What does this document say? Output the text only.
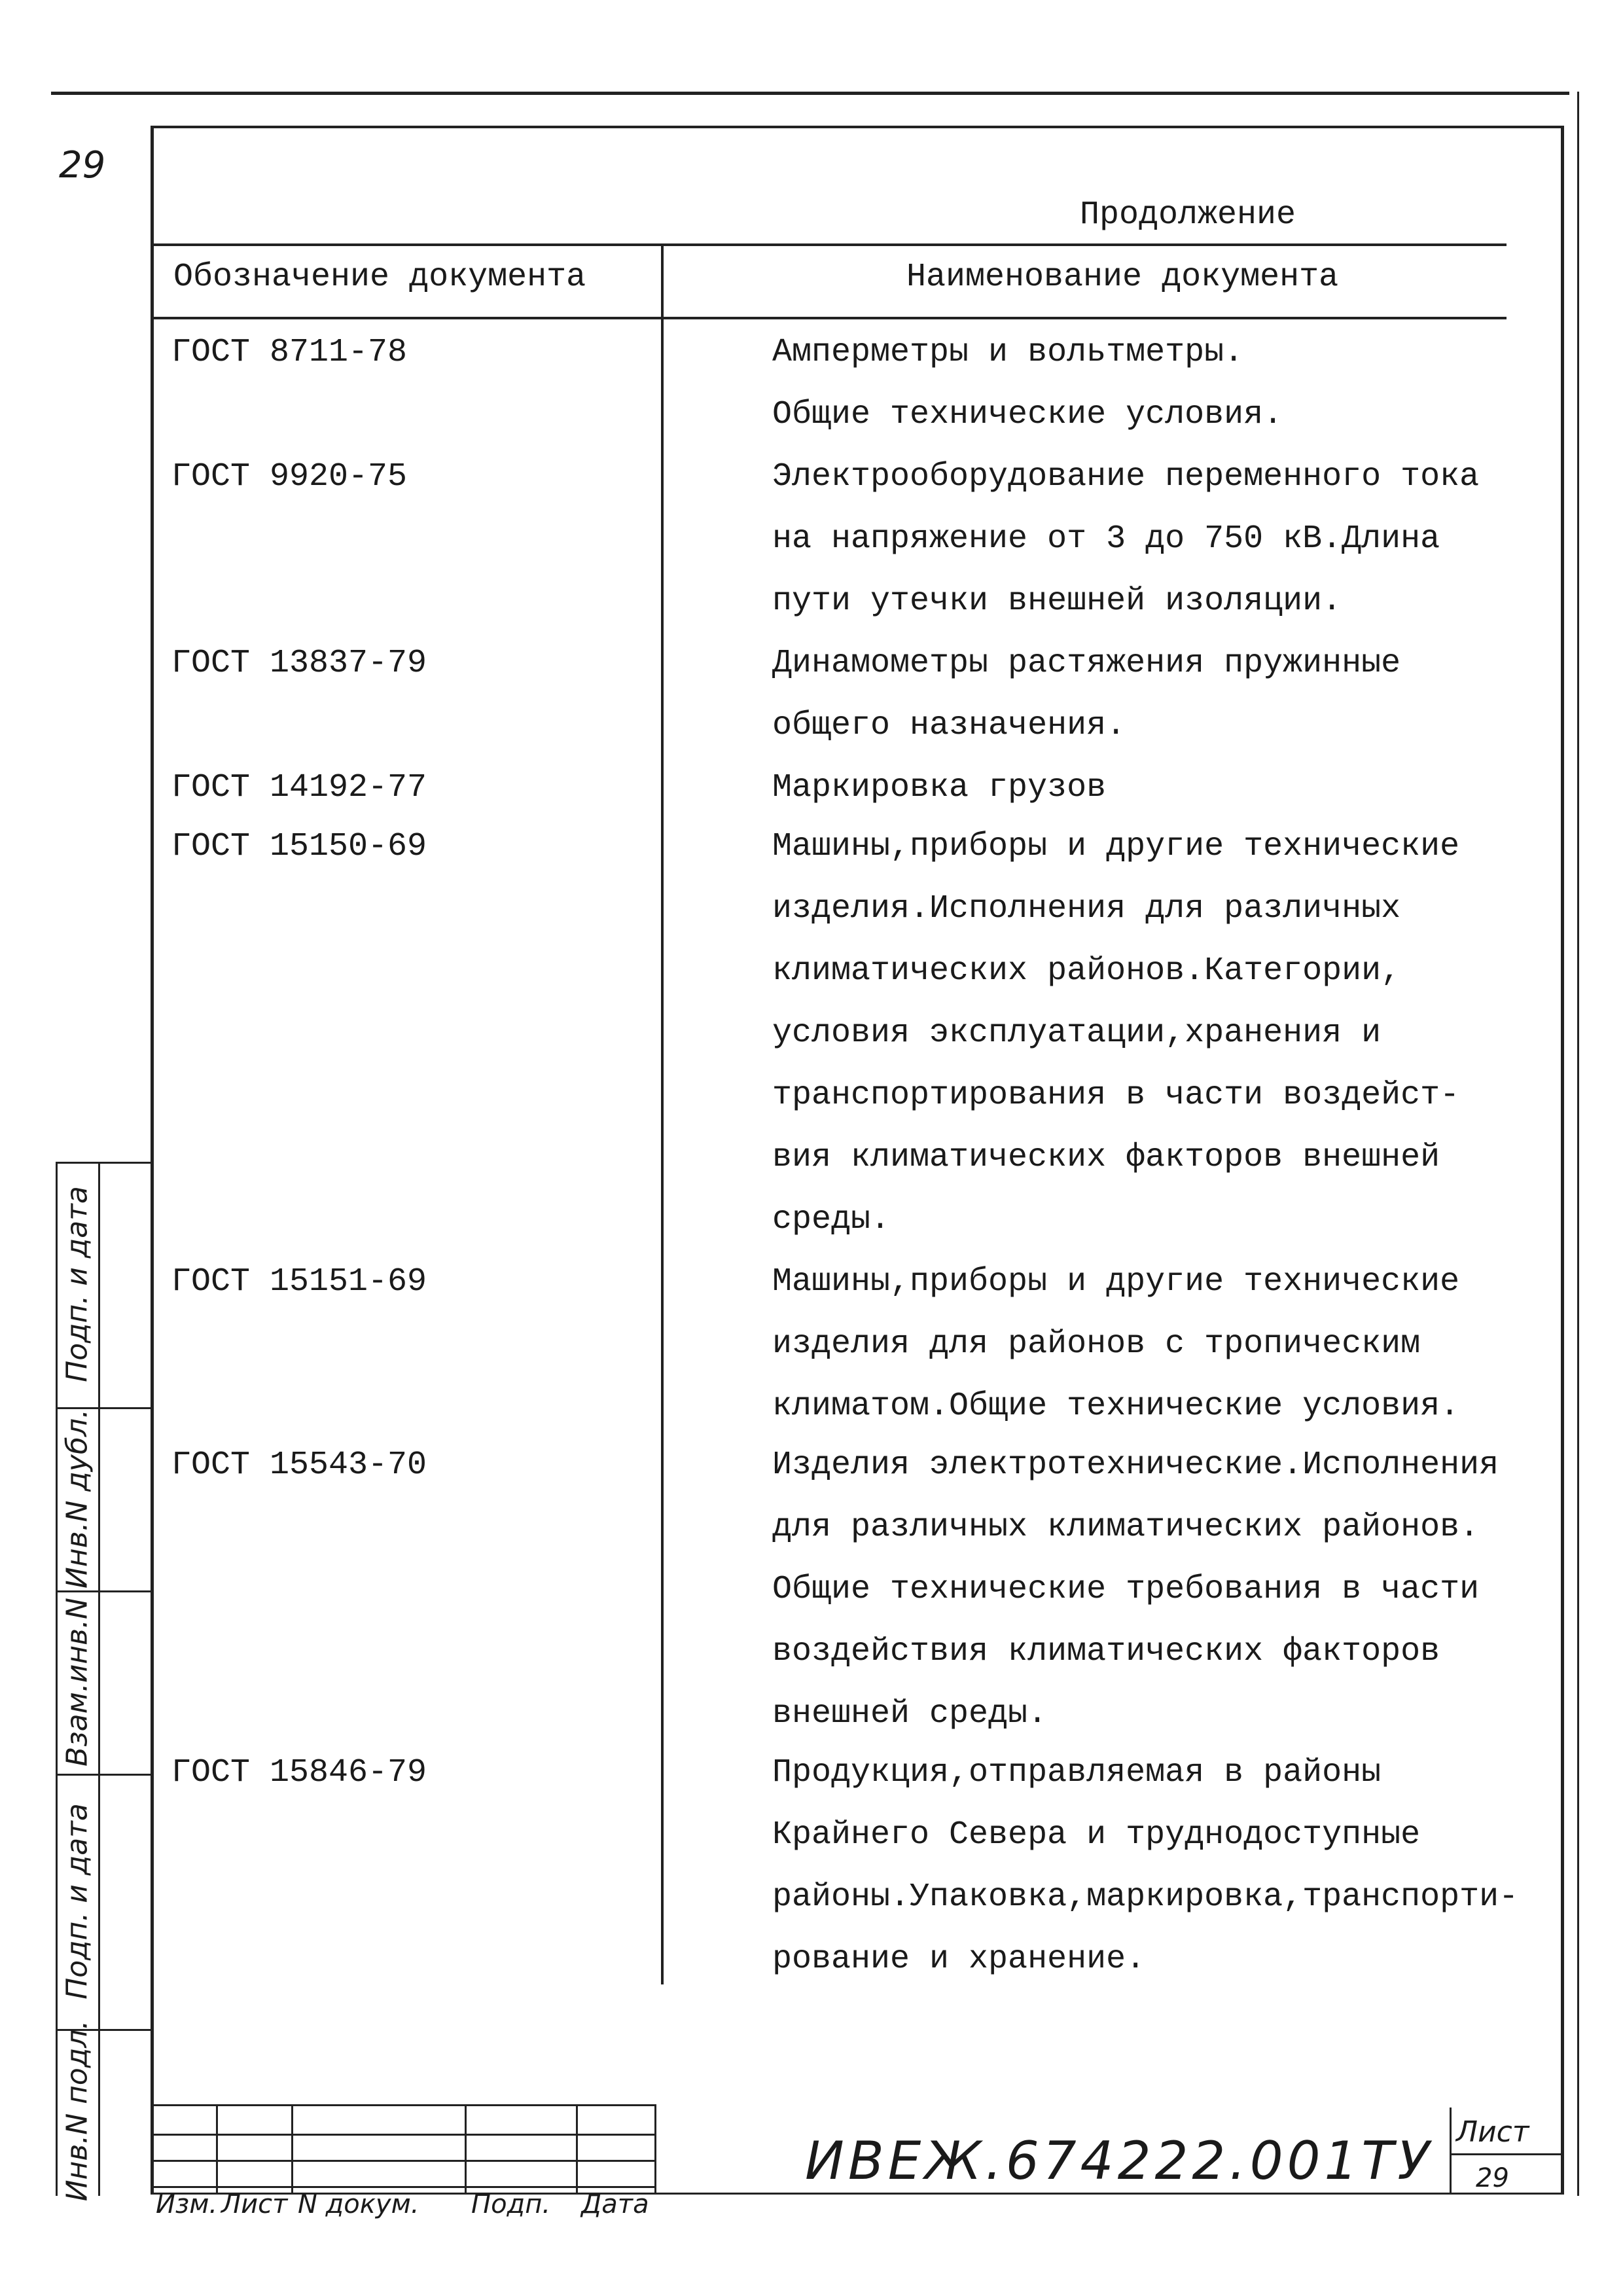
29
Продолжение
Обозначение документа	Наименование документа
ГОСТ 8711-78	Амперметры и вольтметры.
Общие технические условия.
ГОСТ 9920-75	Электрооборудование переменного тока
на напряжение от 3 до 750 кВ.Длина
пути утечки внешней изоляции.
ГОСТ 13837-79	Динамометры растяжения пружинные
общего назначения.
ГОСТ 14192-77	Маркировка грузов
ГОСТ 15150-69	Машины,приборы и другие технические
изделия.Исполнения для различных
климатических районов.Категории,
условия эксплуатации,хранения и
транспортирования в части воздейст-
вия климатических факторов внешней
среды.
ГОСТ 15151-69	Машины,приборы и другие технические
изделия для районов с тропическим
климатом.Общие технические условия.
ГОСТ 15543-70	Изделия электротехнические.Исполнения
для различных климатических районов.
Общие технические требования в части
воздействия климатических факторов
внешней среды.
ГОСТ 15846-79	Продукция,отправляемая в районы
Крайнего Севера и труднодоступные
районы.Упаковка,маркировка,транспорти-
рование и хранение.
Подп. и дата
Инв.N дубл.
Взам.инв.N
Подп. и дата
Инв.N подл.
Изм. Лист N докум. Подп. Дата
ИВЕЖ.674222.001ТУ Лист
29
